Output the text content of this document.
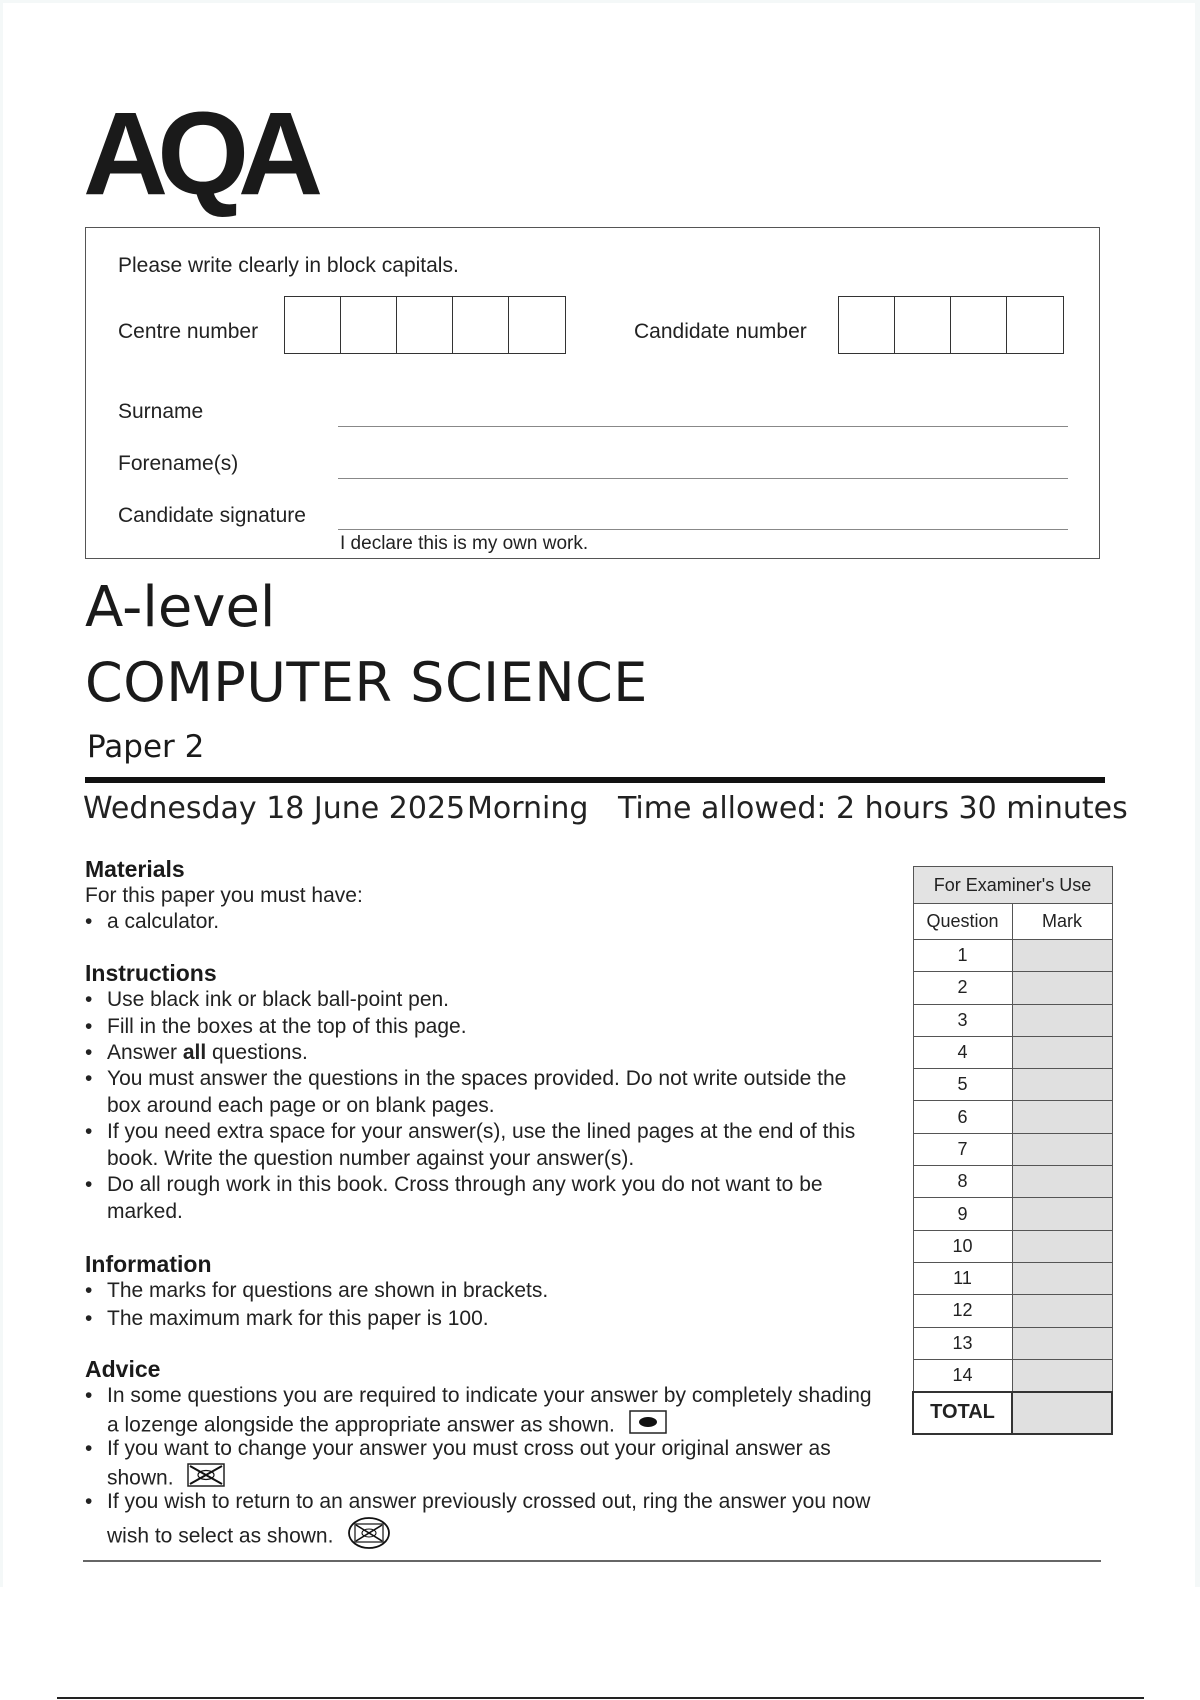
AQA
Please write clearly in block capitals.
Centre number	Candidate number
Surname
Forename(s)
Candidate signature
I declare this is my own work.
A-level
COMPUTER SCIENCE
Paper 2
Wednesday 18 June 2025 Morning Time allowed: 2 hours 30 minutes
Materials
For this paper you must have:
• a calculator.
Instructions
• Use black ink or black ball-point pen.
• Fill in the boxes at the top of this page.
• Answer all questions.
• You must answer the questions in the spaces provided. Do not write outside the box around each page or on blank pages.
• If you need extra space for your answer(s), use the lined pages at the end of this book. Write the question number against your answer(s).
• Do all rough work in this book. Cross through any work you do not want to be marked.
Information
• The marks for questions are shown in brackets.
• The maximum mark for this paper is 100.
Advice
• In some questions you are required to indicate your answer by completely shading a lozenge alongside the appropriate answer as shown.
• If you want to change your answer you must cross out your original answer as shown.
• If you wish to return to an answer previously crossed out, ring the answer you now wish to select as shown.
For Examiner's Use	
Question	Mark
1	
2	
3	
4	
5	
6	
7	
8	
9	
10	
11	
12	
13	
14	
TOTAL	
